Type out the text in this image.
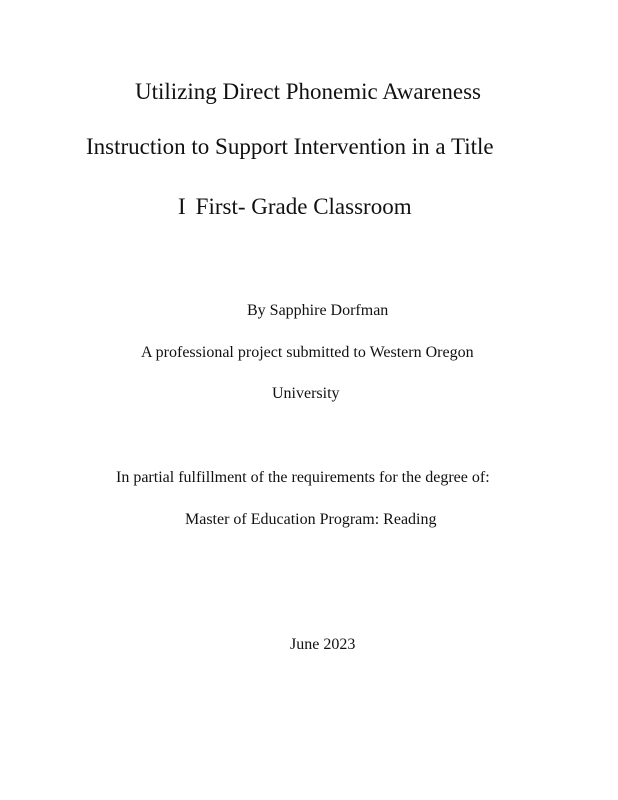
Utilizing Direct Phonemic Awareness
Instruction to Support Intervention in a Title
I First- Grade Classroom
By Sapphire Dorfman
A professional project submitted to Western Oregon
University
In partial fulfillment of the requirements for the degree of:
Master of Education Program: Reading
June 2023
